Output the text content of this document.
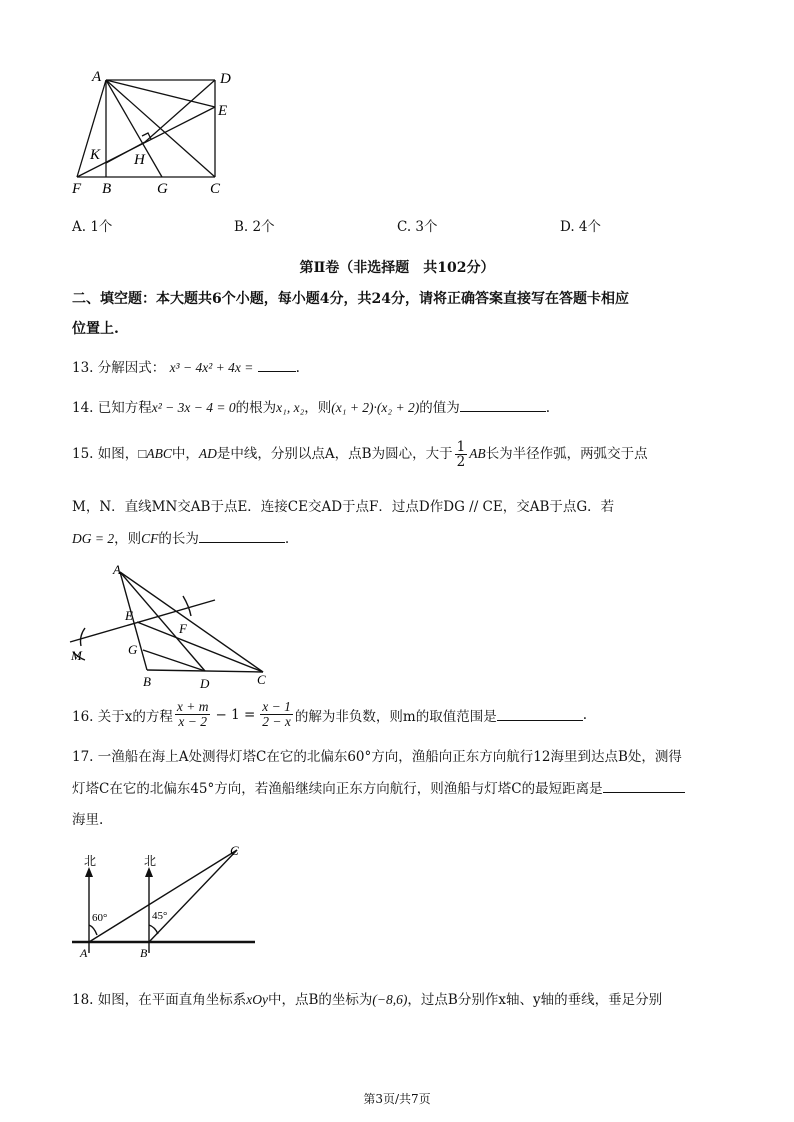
A	D
E
K H
F B	G	C
A. 1个	B. 2个	C. 3个	D. 4个
第Ⅱ卷（非选择题　共102分）
二、填空题：本大题共6个小题，每小题4分，共24分，请将正确答案直接写在答题卡相应
位置上.
13. 分解因式： x³ − 4x² + 4x =	.
14. 已知方程x² − 3x − 4 = 0的根为x₁, x₂，则(x₁ + 2)·(x₂ + 2)的值为	.
15. 如图，□ABC中，AD是中线，分别以点A，点B为圆心，大于 $\frac{1}{2}$ AB长为半径作弧，两弧交于点
M，N．直线MN交AB于点E．连接CE交AD于点F．过点D作DG // CE，交AB于点G．若
DG = 2，则CF的长为	.
A
E
F
G
M
B	D	C
16. 关于x的方程 $\frac{x + m}{x - 2} - 1 = \frac{x - 1}{2 - x}$ 的解为非负数，则m的取值范围是	.
17. 一渔船在海上A处测得灯塔C在它的北偏东60°方向，渔船向正东方向航行12海里到达点B处，测得
灯塔C在它的北偏东45°方向，若渔船继续向正东方向航行，则渔船与灯塔C的最短距离是
海里.
北	北
60°	45°
A	B
C
18. 如图，在平面直角坐标系xOy中，点B的坐标为(−8,6)，过点B分别作x轴、y轴的垂线，垂足分别
第3页/共7页
